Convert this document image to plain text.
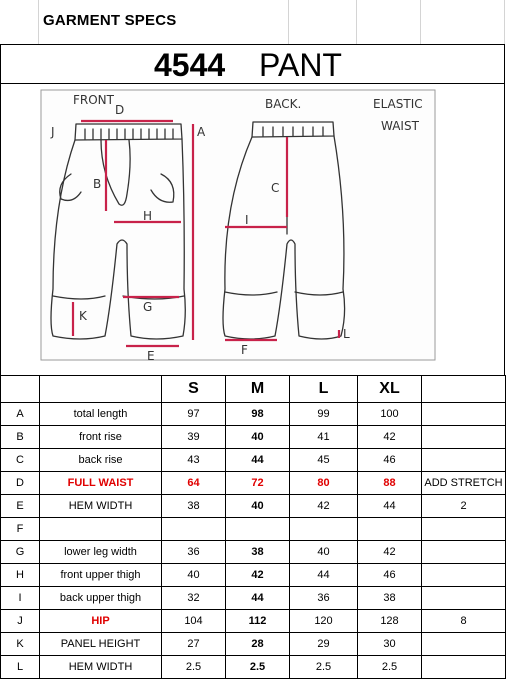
GARMENT SPECS
4544 PANT
FRONT	BACK.	ELASTIC
WAIST
D
J	A
B
H
G
K
E
C
I
F
L
		S	M	L	XL	
A	total length	97	98	99	100	
B	front rise	39	40	41	42	
C	back rise	43	44	45	46	
D	FULL WAIST	64	72	80	88	ADD STRETCH
E	HEM WIDTH	38	40	42	44	2
F						
G	lower leg width	36	38	40	42	
H	front upper thigh	40	42	44	46	
I	back upper thigh	32	44	36	38	
J	HIP	104	112	120	128	8
K	PANEL HEIGHT	27	28	29	30	
L	HEM WIDTH	2.5	2.5	2.5	2.5	
